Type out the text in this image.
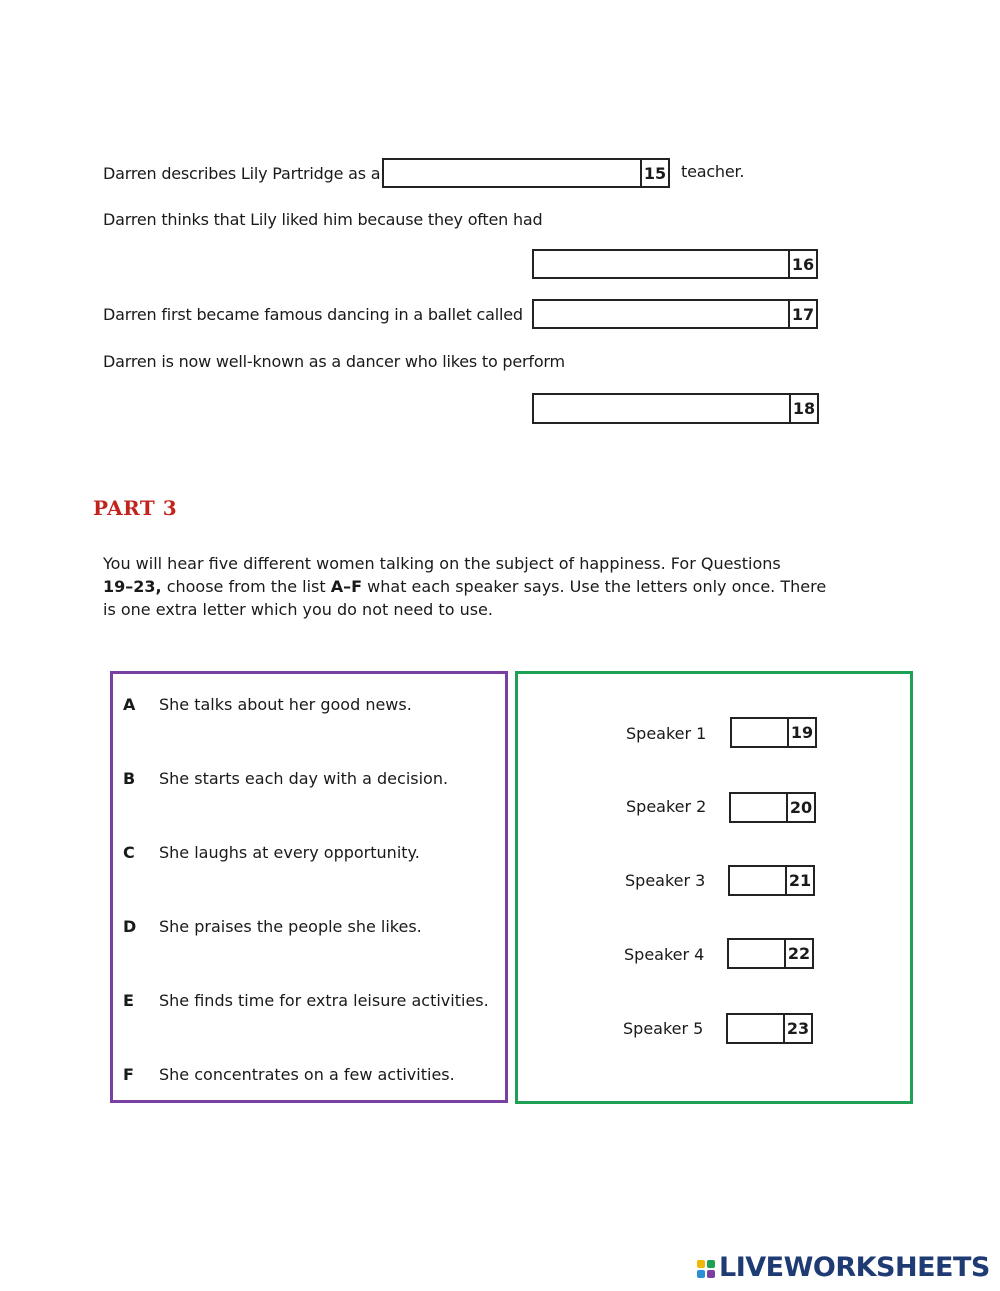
Darren describes Lily Partridge as a	15 teacher.
Darren thinks that Lily liked him because they often had
16
Darren first became famous dancing in a ballet called	17
Darren is now well-known as a dancer who likes to perform
18
PART 3
You will hear five different women talking on the subject of happiness. For Questions
19–23, choose from the list A–F what each speaker says. Use the letters only once. There
is one extra letter which you do not need to use.
A She talks about her good news.
B She starts each day with a decision.
C She laughs at every opportunity.
D She praises the people she likes.
E She finds time for extra leisure activities.
F She concentrates on a few activities.
Speaker 1	19
Speaker 2	20
Speaker 3	21
Speaker 4	22
Speaker 5	23
LIVEWORKSHEETS
